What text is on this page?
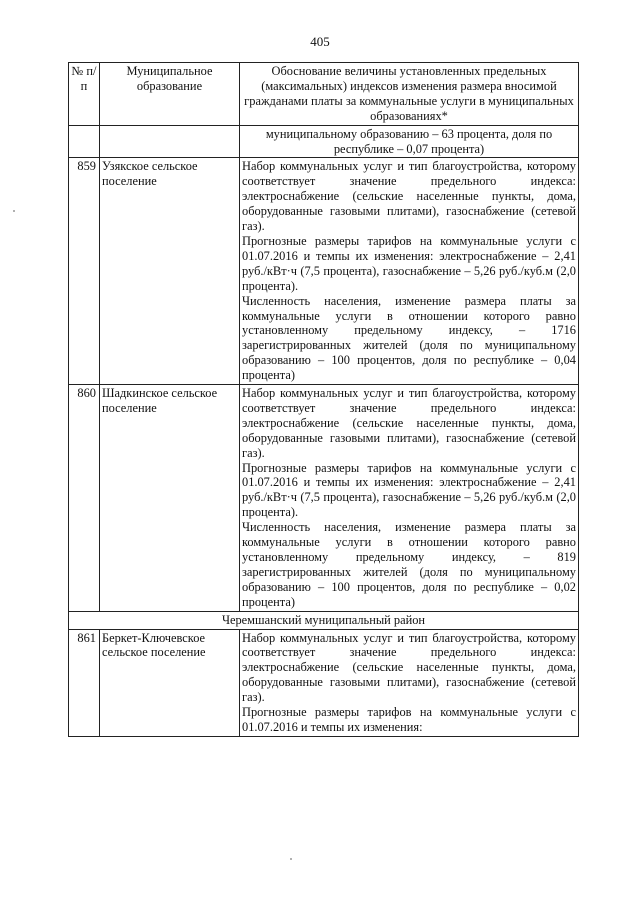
405
№ п/п	Муниципальное образование	Обоснование величины установленных предельных (максимальных) индексов изменения размера вносимой гражданами платы за коммунальные услуги в муниципальных образованиях*
		муниципальному образованию – 63 процента, доля по республике – 0,07 процента)
859	Узякское сельское поселение	Набор коммунальных услуг и тип благоустройства, которому соответствует значение предельного индекса: электроснабжение (сельские населенные пункты, дома, оборудованные газовыми плитами), газоснабжение (сетевой газ).

Прогнозные размеры тарифов на коммунальные услуги с 01.07.2016 и темпы их изменения: электроснабжение – 2,41 руб./кВт·ч (7,5 процента), газоснабжение – 5,26 руб./куб.м (2,0 процента).

Численность населения, изменение размера платы за коммунальные услуги в отношении которого равно установленному предельному индексу, – 1716 зарегистрированных жителей (доля по муниципальному образованию – 100 процентов, доля по республике – 0,04 процента)

860	Шадкинское сельское поселение	Набор коммунальных услуг и тип благоустройства, которому соответствует значение предельного индекса: электроснабжение (сельские населенные пункты, дома, оборудованные газовыми плитами), газоснабжение (сетевой газ).

Прогнозные размеры тарифов на коммунальные услуги с 01.07.2016 и темпы их изменения: электроснабжение – 2,41 руб./кВт·ч (7,5 процента), газоснабжение – 5,26 руб./куб.м (2,0 процента).

Численность населения, изменение размера платы за коммунальные услуги в отношении которого равно установленному предельному индексу, – 819 зарегистрированных жителей (доля по муниципальному образованию – 100 процентов, доля по республике – 0,02 процента)

Черемшанский муниципальный район		
861	Беркет-Ключевское сельское поселение	Набор коммунальных услуг и тип благоустройства, которому соответствует значение предельного индекса: электроснабжение (сельские населенные пункты, дома, оборудованные газовыми плитами), газоснабжение (сетевой газ).

Прогнозные размеры тарифов на коммунальные услуги с 01.07.2016 и темпы их изменения:
